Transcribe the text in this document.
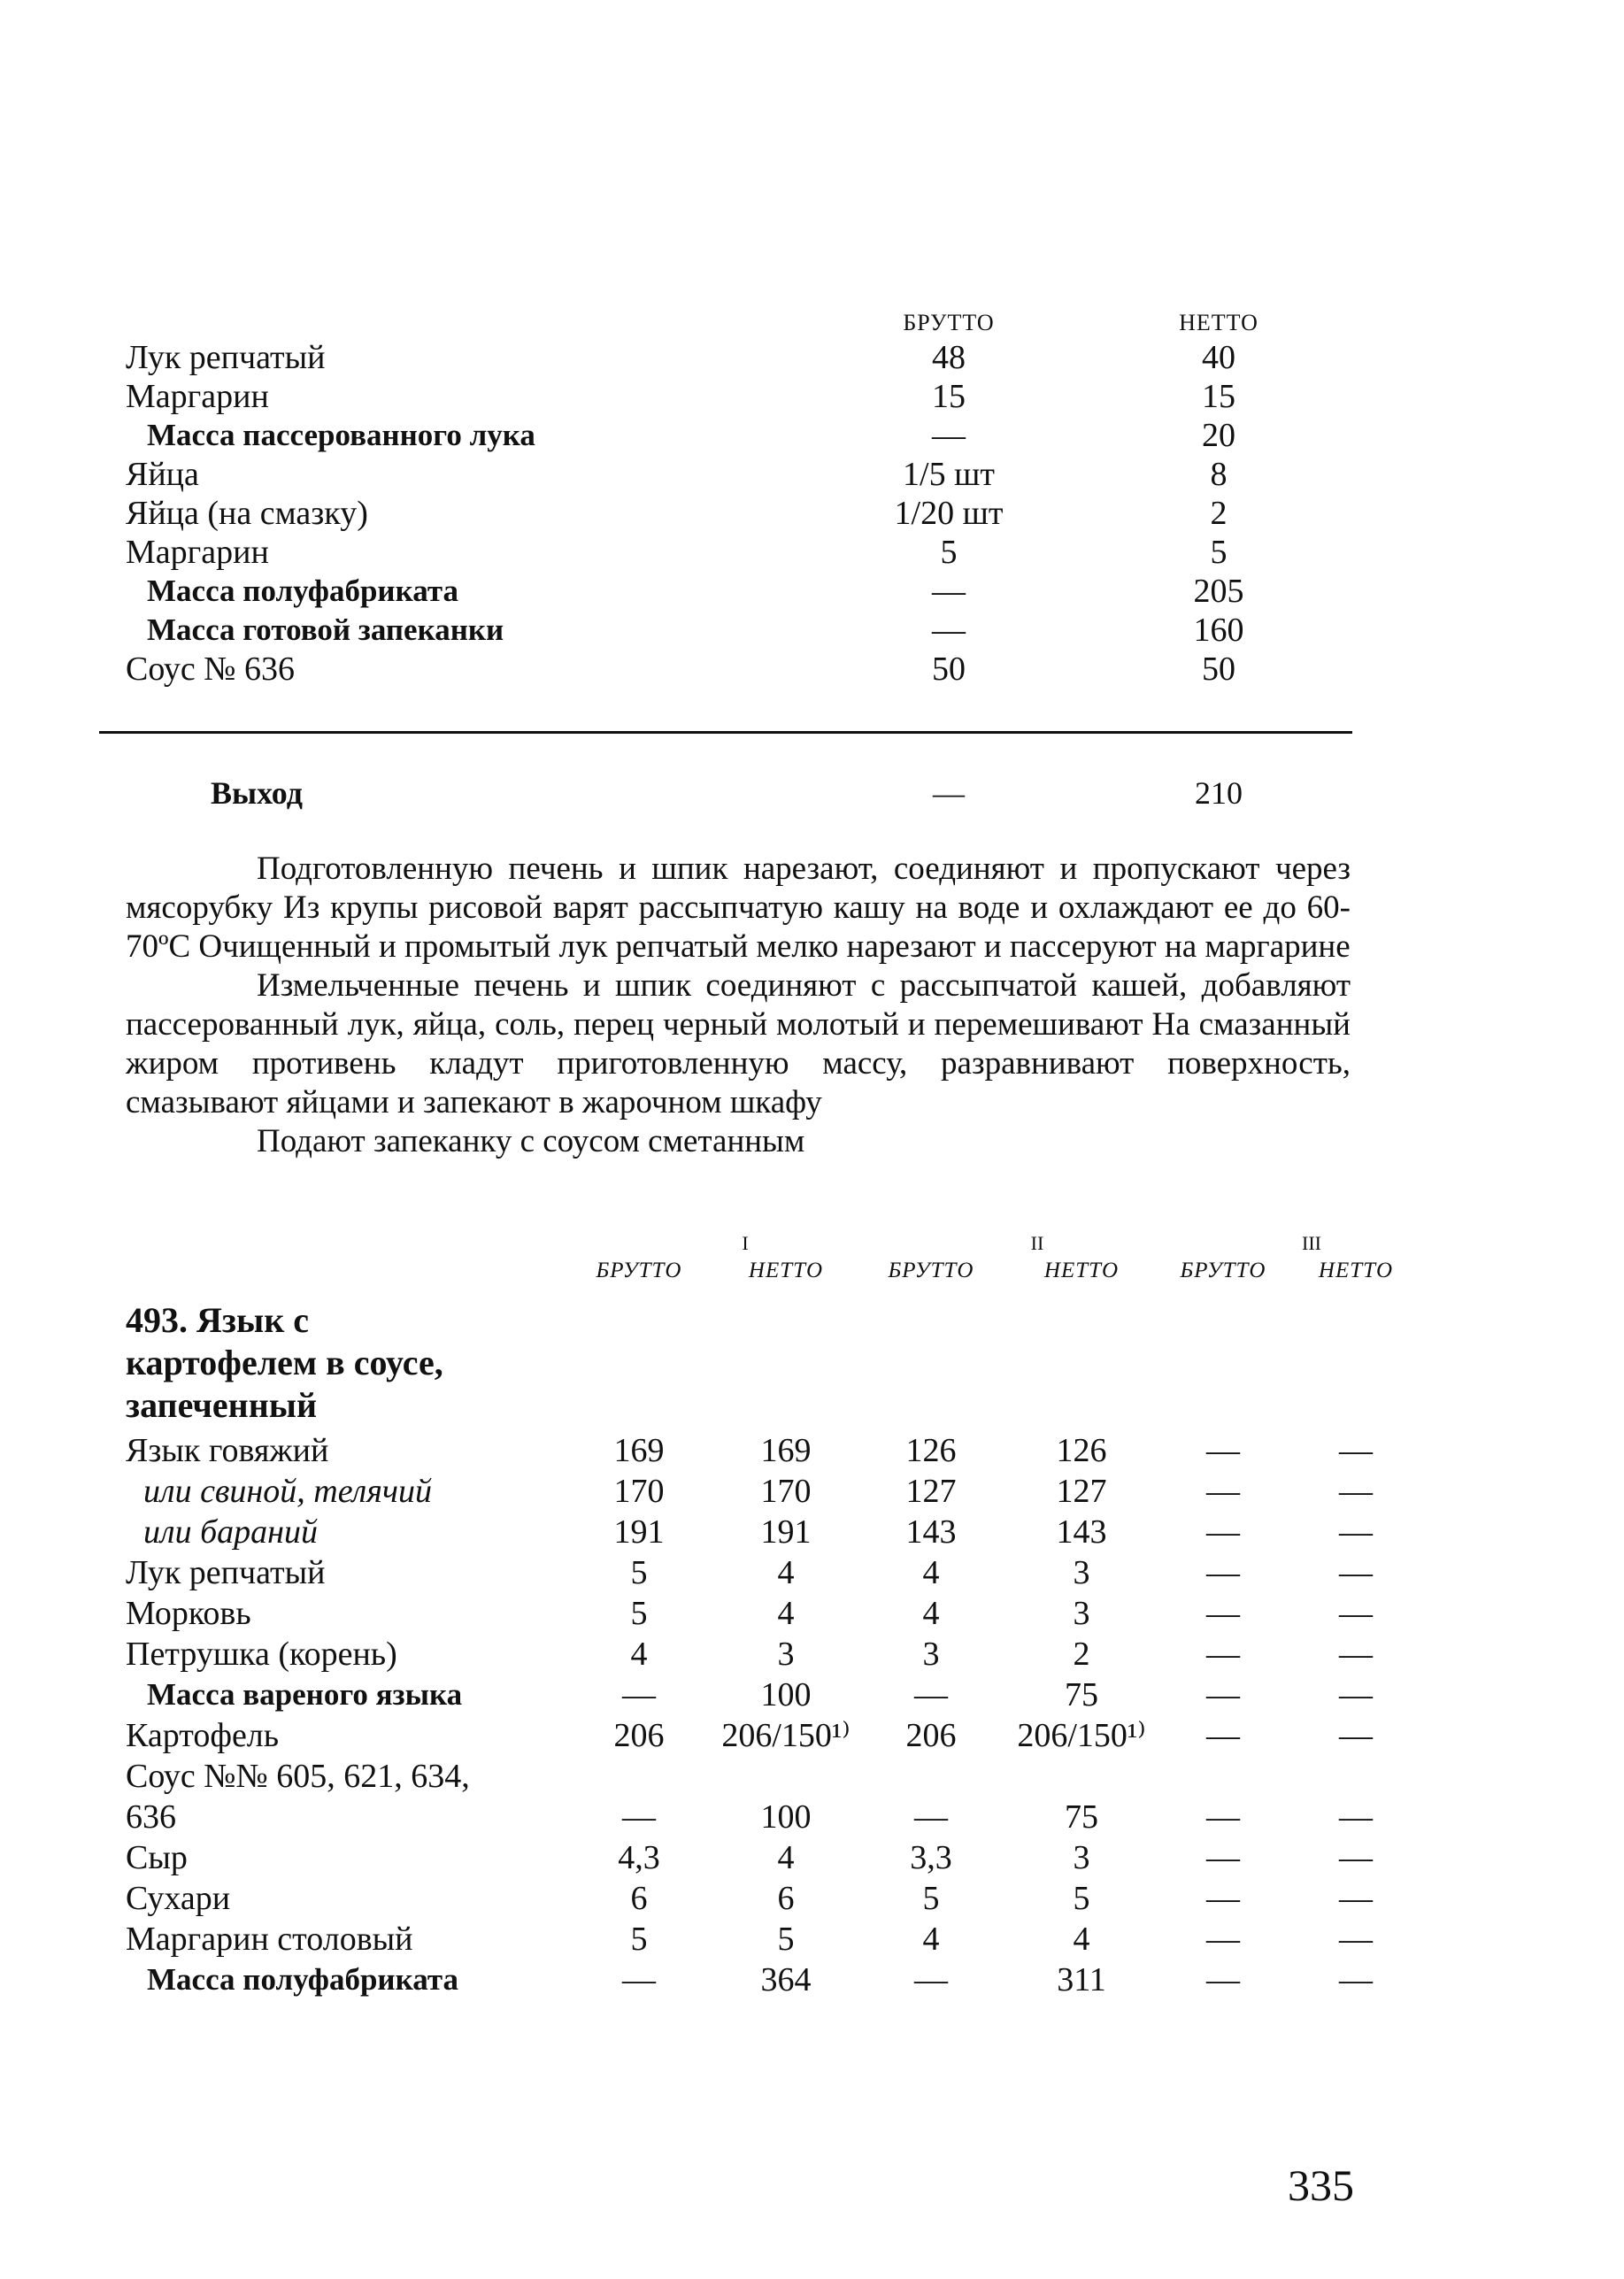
БРУТТО	НЕТТО
Лук репчатый	48	40
Маргарин	15	15
Масса пассерованного лука	—	20
Яйца	1/5 шт	8
Яйца (на смазку)	1/20 шт	2
Маргарин	5	5
Масса полуфабриката	—	205
Масса готовой запеканки	—	160
Соус № 636	50	50
Выход	—	210

Подготовленную печень и шпик нарезают, соединяют и пропускают через мясорубку Из крупы рисовой варят рассыпчатую кашу на воде и охлаждают ее до 60-70ºС Очищенный и промытый лук репчатый мелко нарезают и пассеруют на маргарине

Измельченные печень и шпик соединяют с рассыпчатой кашей, добавляют пассерованный лук, яйца, соль, перец черный молотый и перемешивают На смазанный жиром противень кладут приготовленную массу, разравнивают поверхность, смазывают яйцами и запекают в жарочном шкафу

Подают запеканку с соусом сметанным

I	II	III
БРУТТО	НЕТТО	БРУТТО	НЕТТО	БРУТТО	НЕТТО
493. Язык с картофелем в соусе, запеченный
Язык говяжий	169	169	126	126	—	—
или свиной, телячий	170	170	127	127	—	—
или бараний	191	191	143	143	—	—
Лук репчатый	5	4	4	3	—	—
Морковь	5	4	4	3	—	—
Петрушка (корень)	4	3	3	2	—	—
Масса вареного языка	—	100	—	75	—	—
Картофель	206	206/150¹⁾	206	206/150¹⁾	—	—
Соус №№ 605, 621, 634, 636	—	100	—	75	—	—
Сыр	4,3	4	3,3	3	—	—
Сухари	6	6	5	5	—	—
Маргарин столовый	5	5	4	4	—	—
Масса полуфабриката	—	364	—	311	—	—
335
